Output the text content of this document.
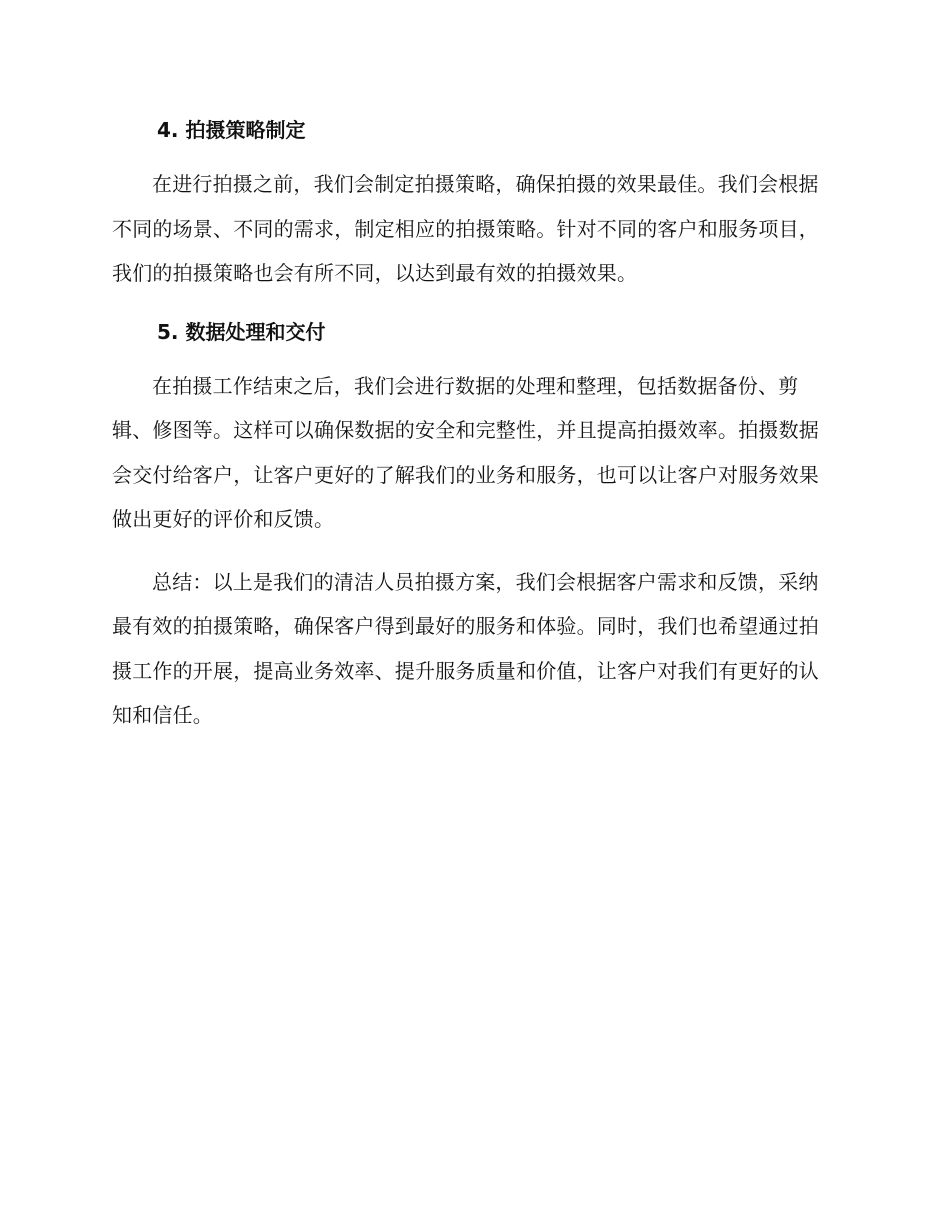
4. 拍摄策略制定

在进行拍摄之前，我们会制定拍摄策略，确保拍摄的效果最佳。我们会根据不同的场景、不同的需求，制定相应的拍摄策略。针对不同的客户和服务项目，我们的拍摄策略也会有所不同，以达到最有效的拍摄效果。

5. 数据处理和交付

在拍摄工作结束之后，我们会进行数据的处理和整理，包括数据备份、剪辑、修图等。这样可以确保数据的安全和完整性，并且提高拍摄效率。拍摄数据会交付给客户，让客户更好的了解我们的业务和服务，也可以让客户对服务效果做出更好的评价和反馈。

总结：以上是我们的清洁人员拍摄方案，我们会根据客户需求和反馈，采纳最有效的拍摄策略，确保客户得到最好的服务和体验。同时，我们也希望通过拍摄工作的开展，提高业务效率、提升服务质量和价值，让客户对我们有更好的认知和信任。
